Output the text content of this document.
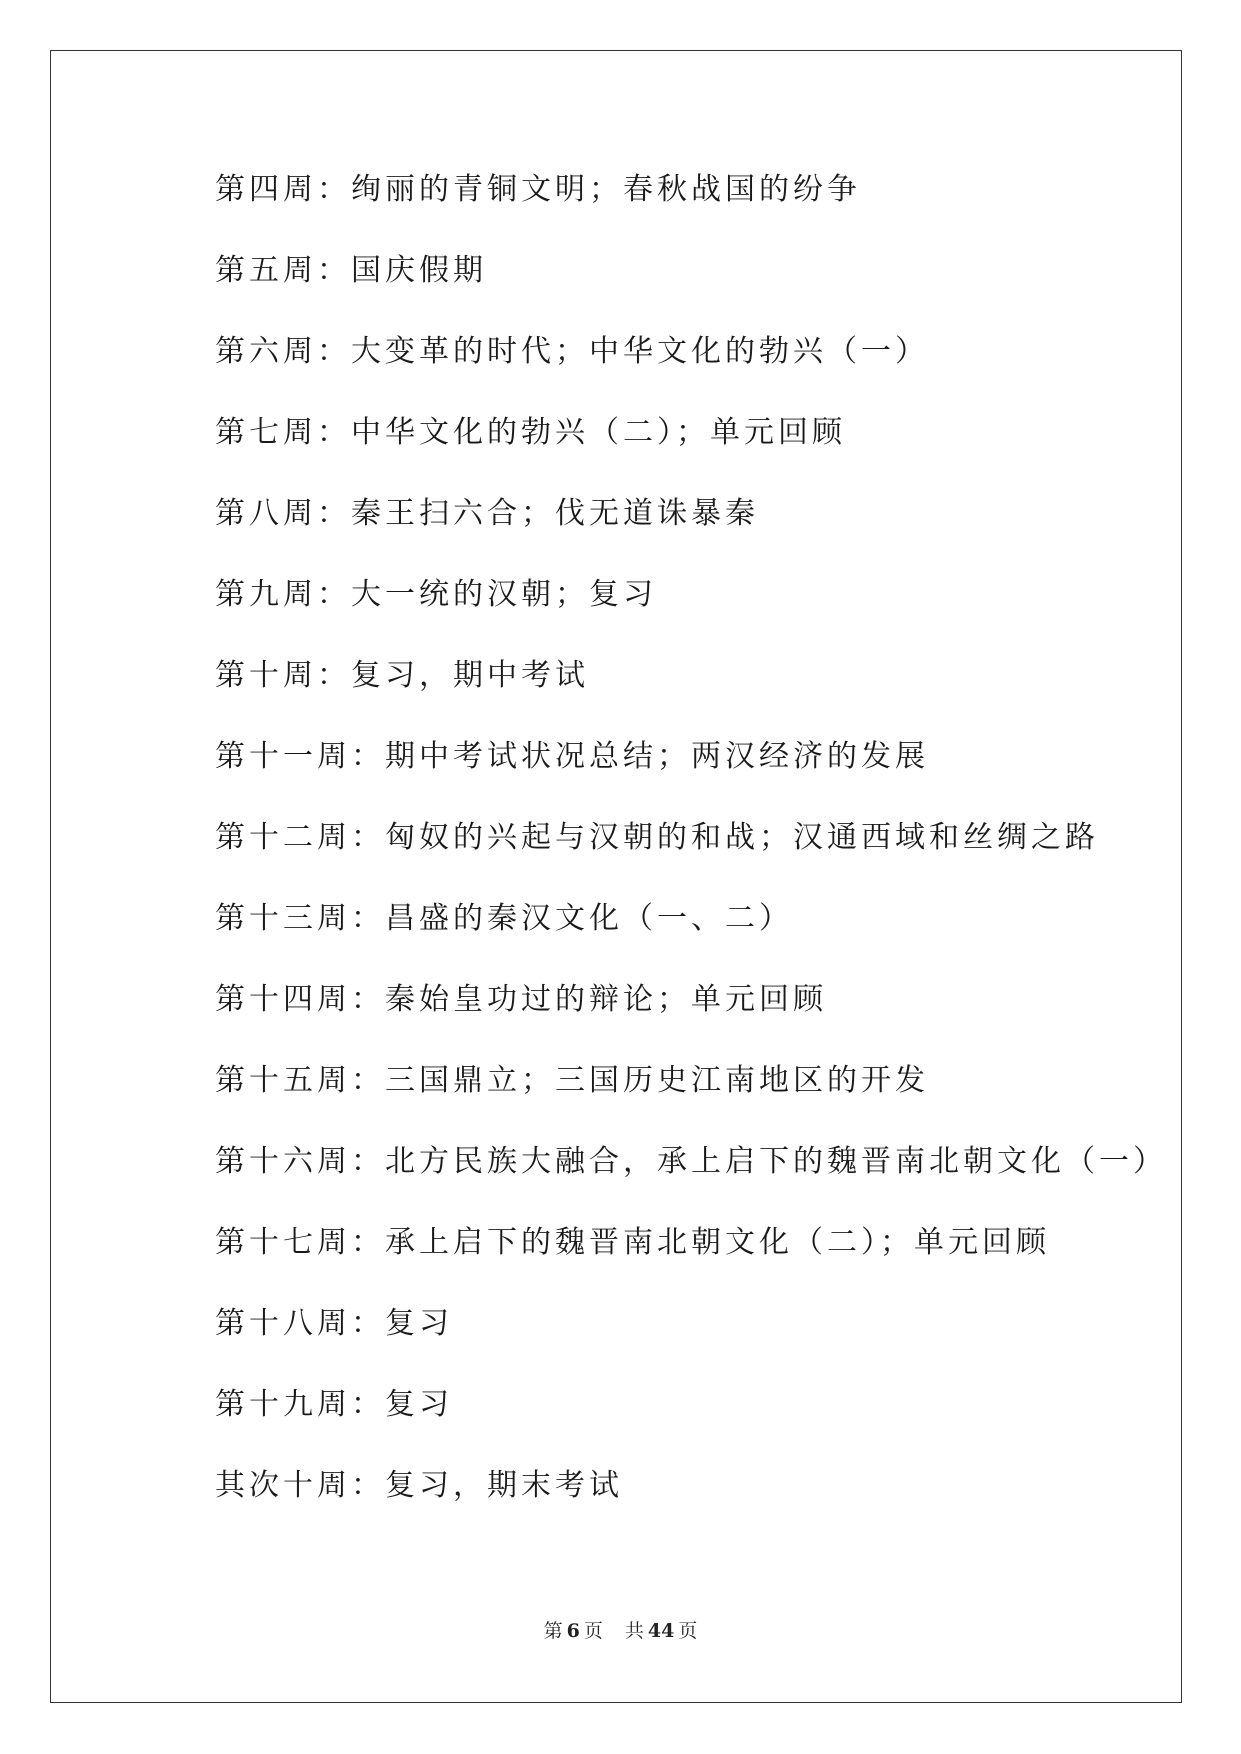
第四周：绚丽的青铜文明；春秋战国的纷争
第五周：国庆假期
第六周：大变革的时代；中华文化的勃兴（一）
第七周：中华文化的勃兴（二）；单元回顾
第八周：秦王扫六合；伐无道诛暴秦
第九周：大一统的汉朝；复习
第十周：复习，期中考试
第十一周：期中考试状况总结；两汉经济的发展
第十二周：匈奴的兴起与汉朝的和战；汉通西域和丝绸之路
第十三周：昌盛的秦汉文化（一、二）
第十四周：秦始皇功过的辩论；单元回顾
第十五周：三国鼎立；三国历史江南地区的开发
第十六周：北方民族大融合，承上启下的魏晋南北朝文化（一）
第十七周：承上启下的魏晋南北朝文化（二）；单元回顾
第十八周：复习
第十九周：复习
其次十周：复习，期末考试
第 6 页 共 44 页
